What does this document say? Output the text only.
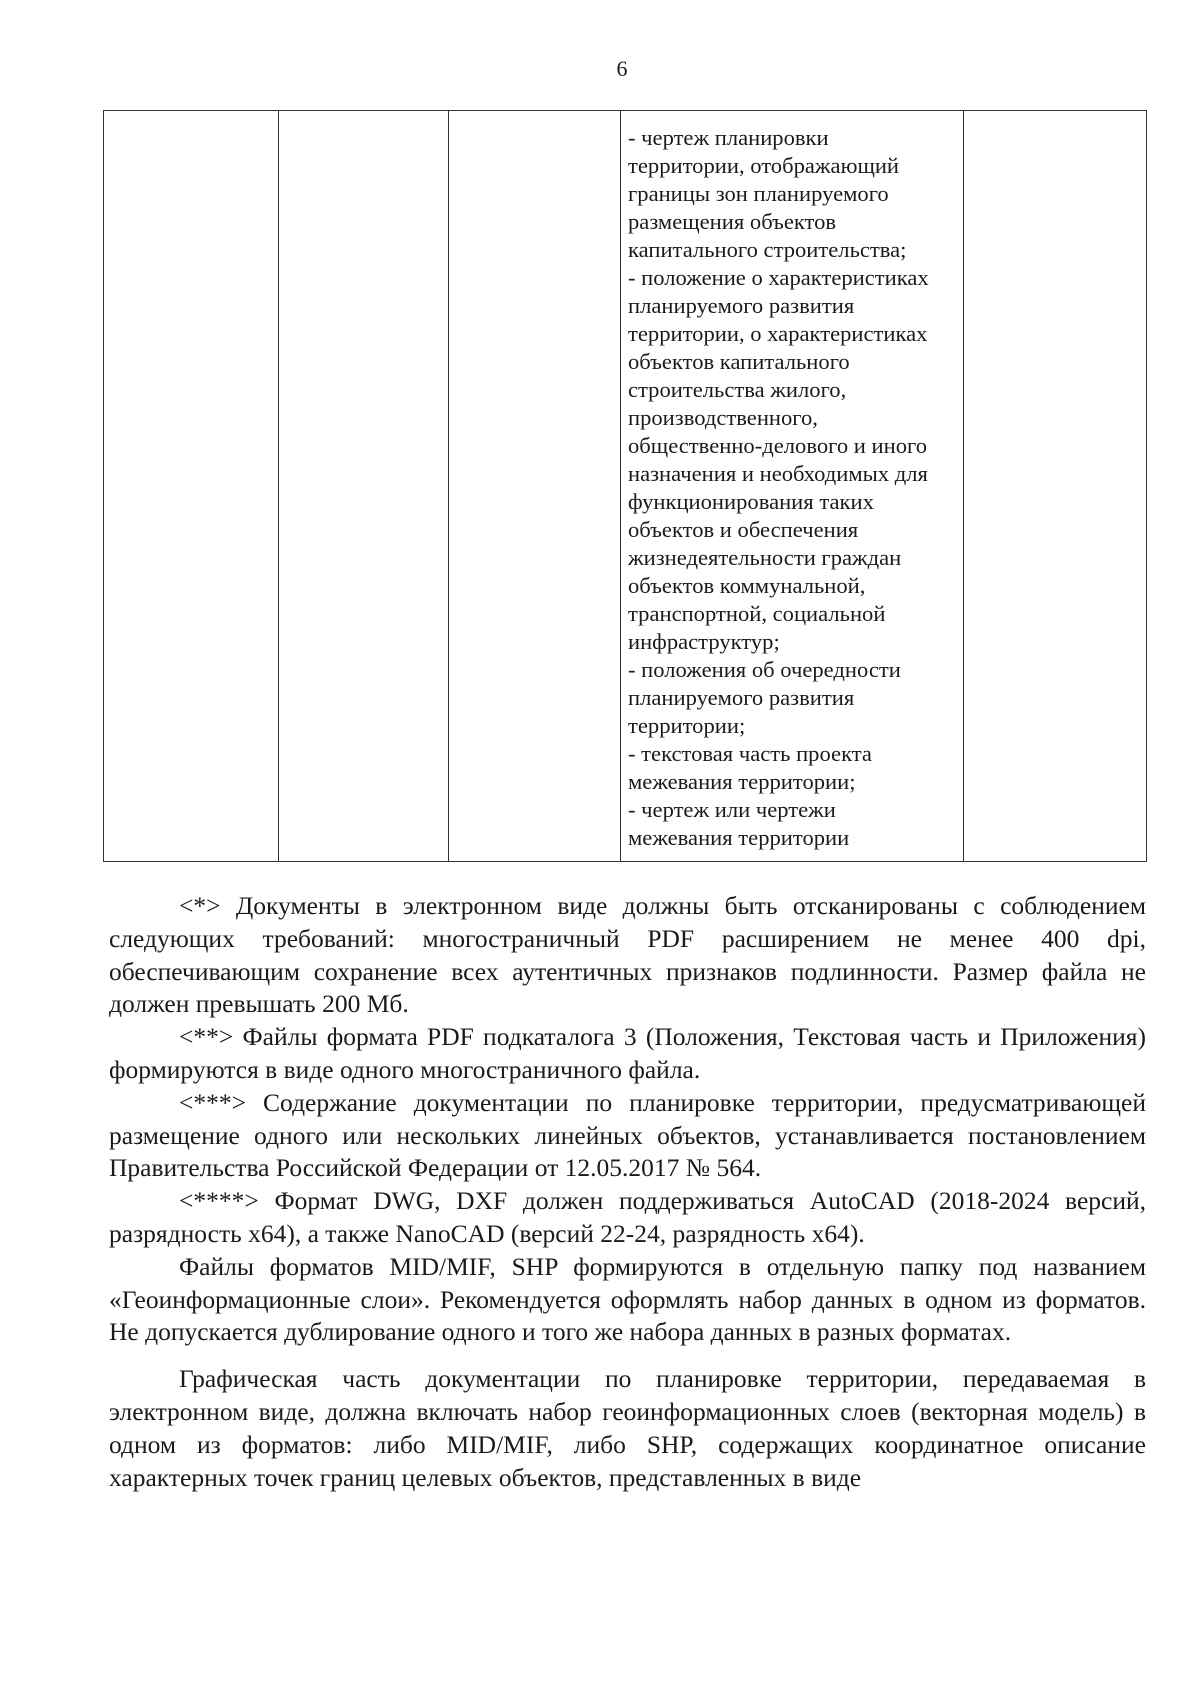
6

- чертеж планировки
территории, отображающий
границы зон планируемого
размещения объектов
капитального строительства;
- положение о характеристиках
планируемого развития
территории, о характеристиках
объектов капитального
строительства жилого,
производственного,
общественно-делового и иного
назначения и необходимых для
функционирования таких
объектов и обеспечения
жизнедеятельности граждан
объектов коммунальной,
транспортной, социальной
инфраструктур;
- положения об очередности
планируемого развития
территории;
- текстовая часть проекта
межевания территории;
- чертеж или чертежи
межевания территории

<*> Документы в электронном виде должны быть отсканированы с соблюдением следующих требований: многостраничный PDF расширением не менее 400 dpi, обеспечивающим сохранение всех аутентичных признаков подлинности. Размер файла не должен превышать 200 Мб.

<**> Файлы формата PDF подкаталога 3 (Положения, Текстовая часть и Приложения) формируются в виде одного многостраничного файла.

<***> Содержание документации по планировке территории, предусматривающей размещение одного или нескольких линейных объектов, устанавливается постановлением Правительства Российской Федерации от 12.05.2017 № 564.

<****> Формат DWG, DXF должен поддерживаться AutoCAD (2018-2024 версий, разрядность x64), а также NanoCAD (версий 22-24, разрядность x64).

Файлы форматов MID/MIF, SHP формируются в отдельную папку под названием «Геоинформационные слои». Рекомендуется оформлять набор данных в одном из форматов. Не допускается дублирование одного и того же набора данных в разных форматах.

Графическая часть документации по планировке территории, передаваемая в электронном виде, должна включать набор геоинформационных слоев (векторная модель) в одном из форматов: либо MID/MIF, либо SHP, содержащих координатное описание характерных точек границ целевых объектов, представленных в виде
